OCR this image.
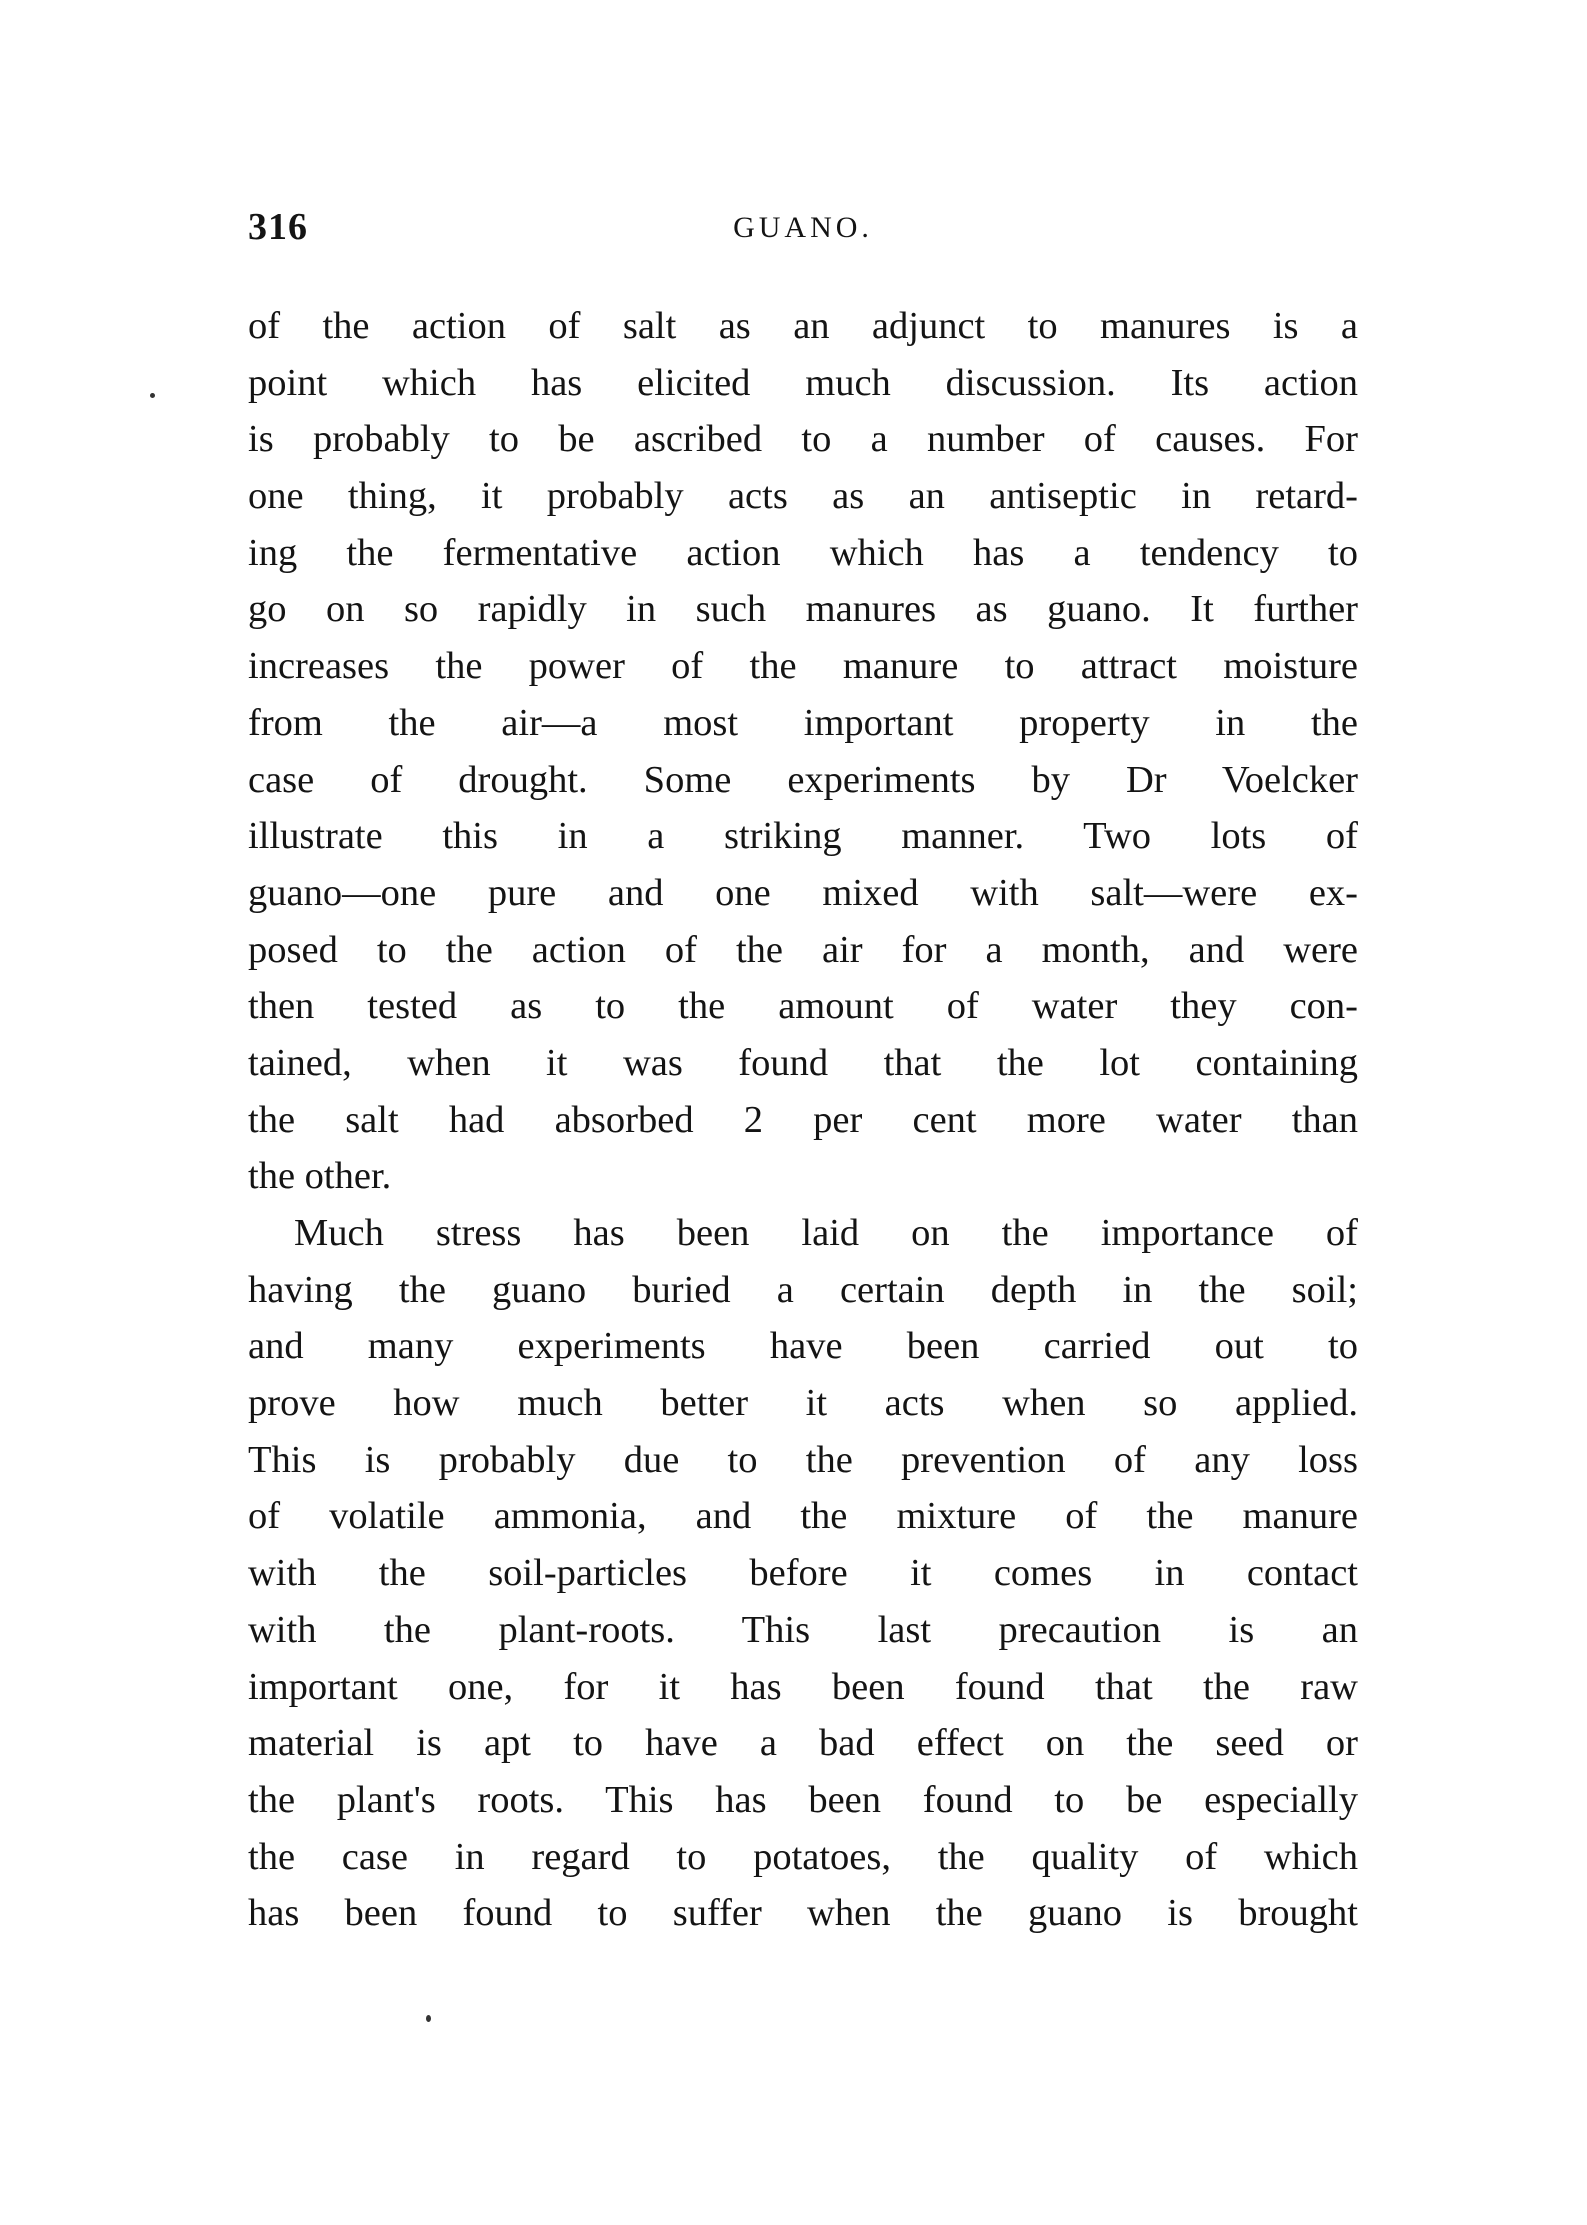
316	GUANO.
of the action of salt as an adjunct to manures is a
point which has elicited much discussion. Its action
is probably to be ascribed to a number of causes. For
one thing, it probably acts as an antiseptic in retard-
ing the fermentative action which has a tendency to
go on so rapidly in such manures as guano. It further
increases the power of the manure to attract moisture
from the air—a most important property in the
case of drought. Some experiments by Dr Voelcker
illustrate this in a striking manner. Two lots of
guano—one pure and one mixed with salt—were ex-
posed to the action of the air for a month, and were
then tested as to the amount of water they con-
tained, when it was found that the lot containing
the salt had absorbed 2 per cent more water than
the other.
Much stress has been laid on the importance of
having the guano buried a certain depth in the soil;
and many experiments have been carried out to
prove how much better it acts when so applied.
This is probably due to the prevention of any loss
of volatile ammonia, and the mixture of the manure
with the soil-particles before it comes in contact
with the plant-roots. This last precaution is an
important one, for it has been found that the raw
material is apt to have a bad effect on the seed or
the plant's roots. This has been found to be especially
the case in regard to potatoes, the quality of which
has been found to suffer when the guano is brought
